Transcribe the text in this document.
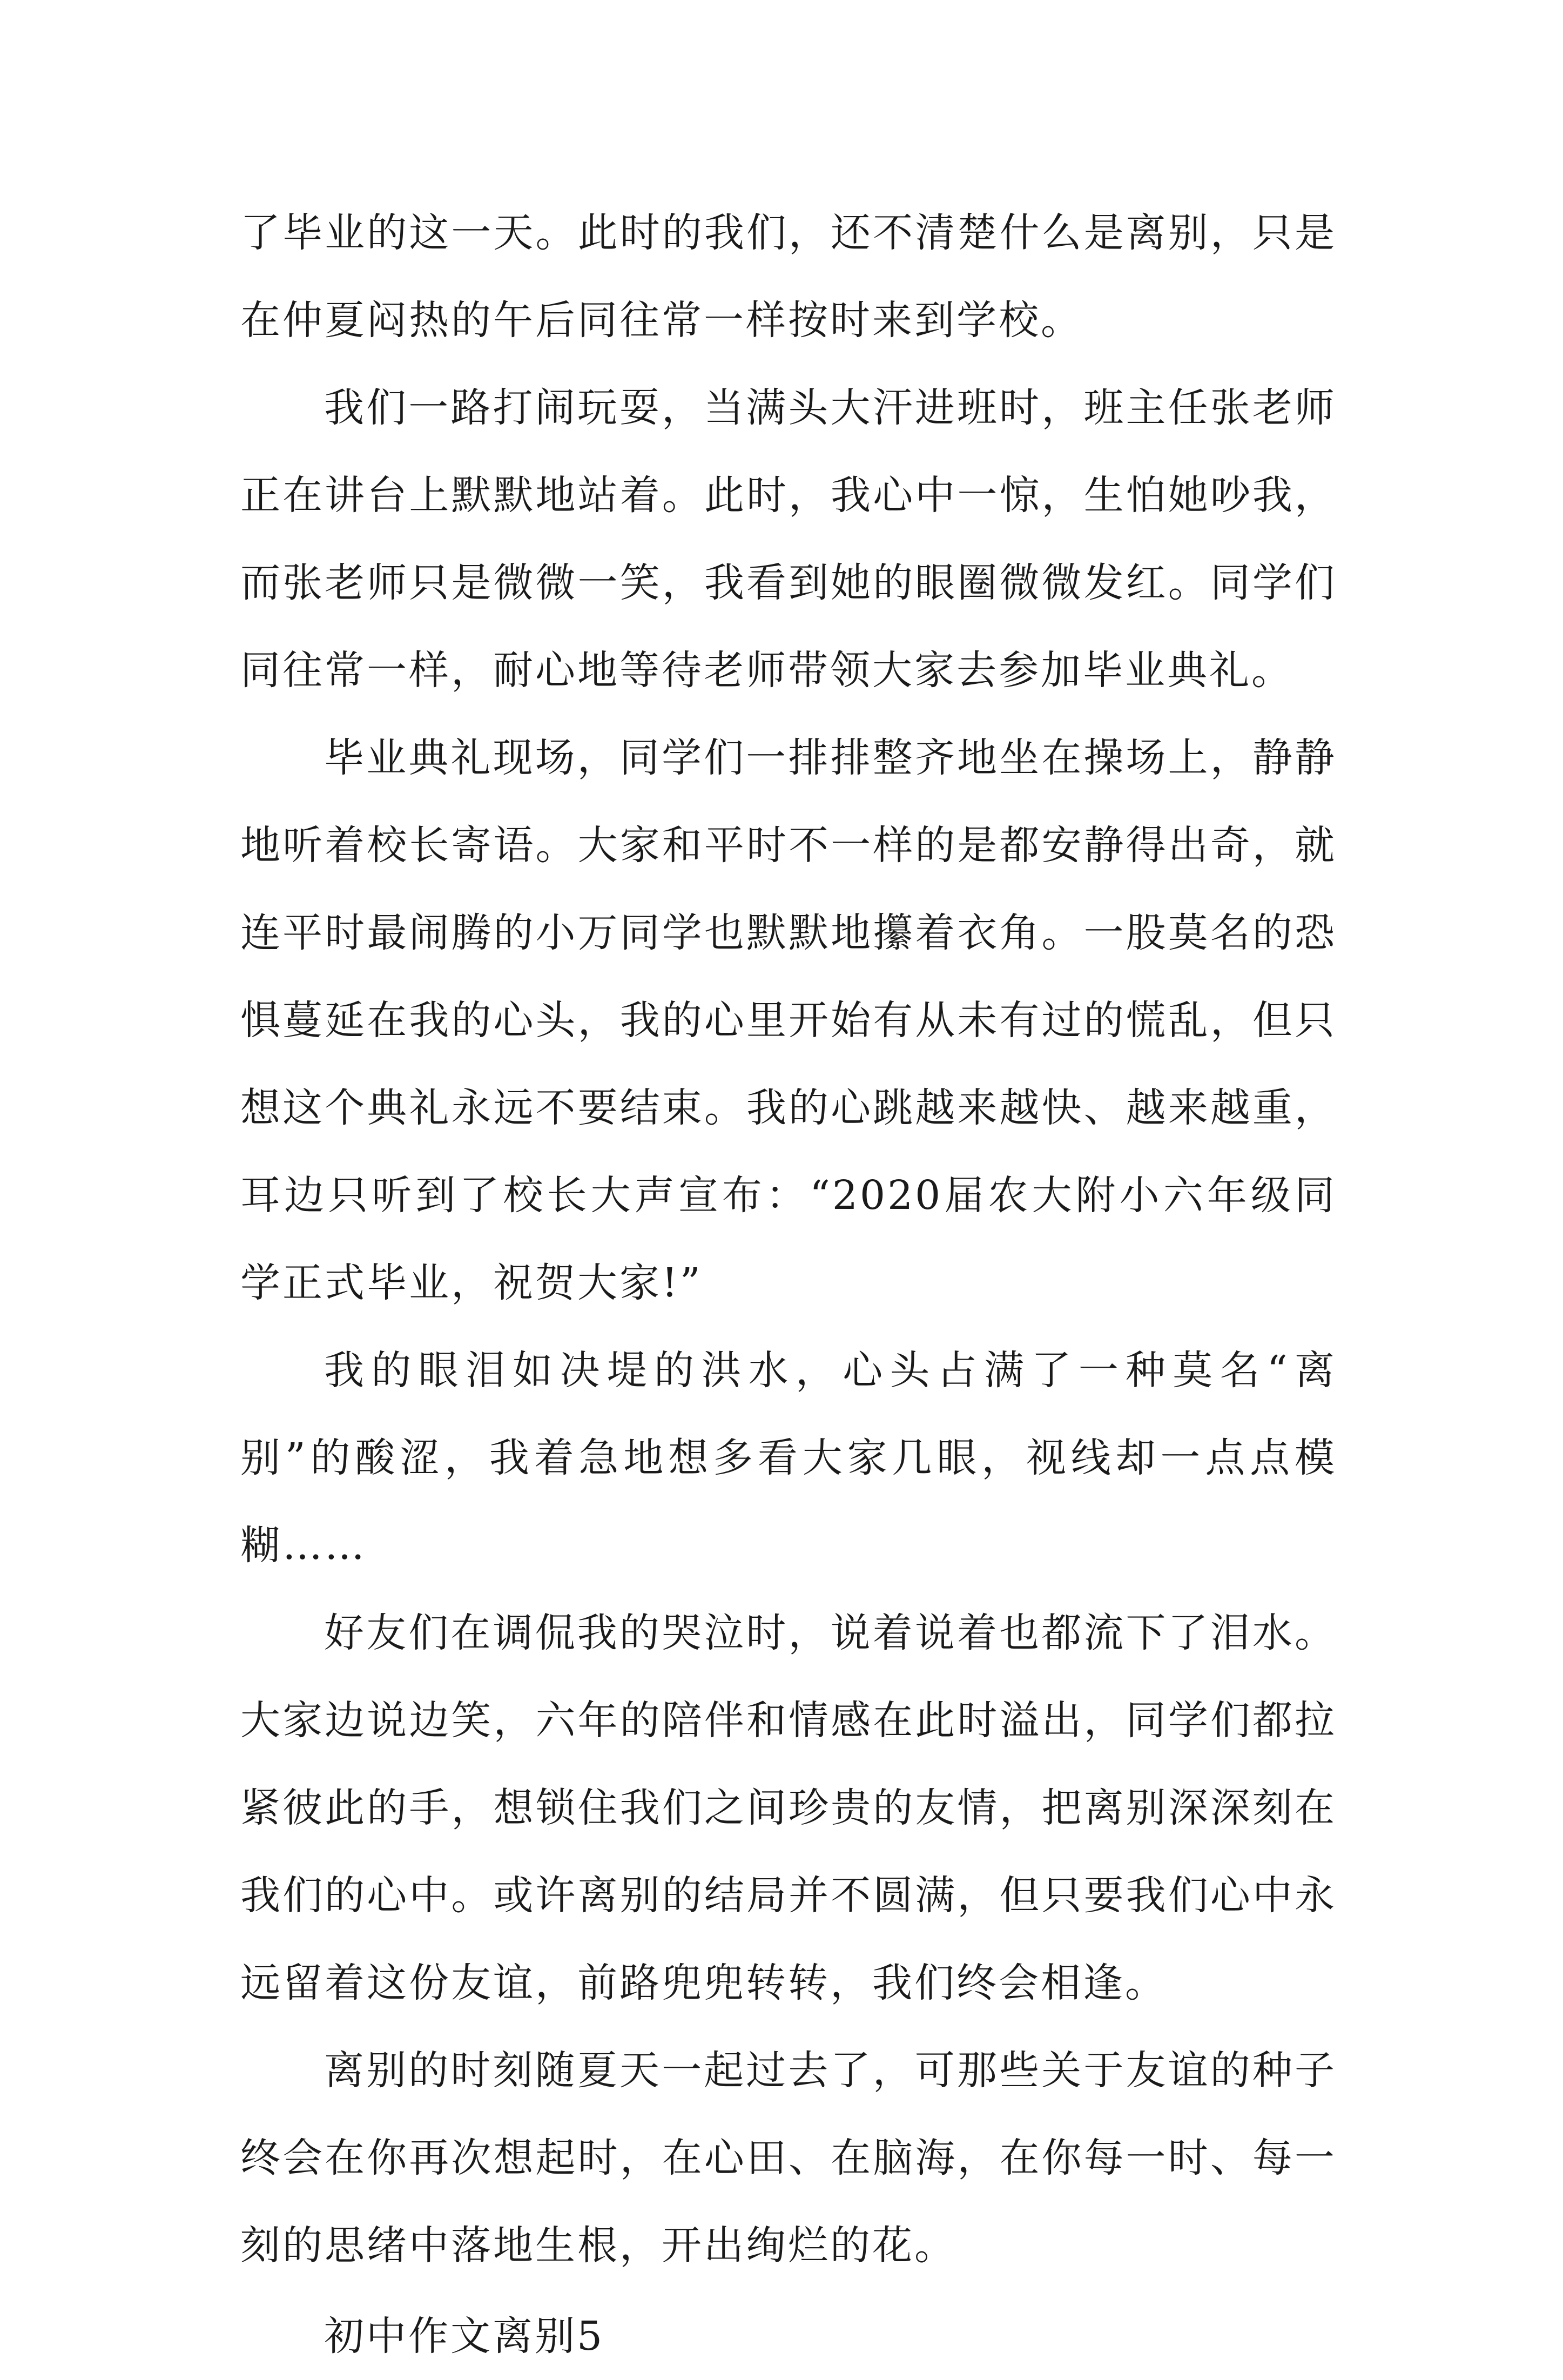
了毕业的这一天。此时的我们，还不清楚什么是离别，只是在仲夏闷热的午后同往常一样按时来到学校。

我们一路打闹玩耍，当满头大汗进班时，班主任张老师正在讲台上默默地站着。此时，我心中一惊，生怕她吵我，而张老师只是微微一笑，我看到她的眼圈微微发红。同学们同往常一样，耐心地等待老师带领大家去参加毕业典礼。

毕业典礼现场，同学们一排排整齐地坐在操场上，静静地听着校长寄语。大家和平时不一样的是都安静得出奇，就连平时最闹腾的小万同学也默默地攥着衣角。一股莫名的恐惧蔓延在我的心头，我的心里开始有从未有过的慌乱，但只想这个典礼永远不要结束。我的心跳越来越快、越来越重，耳边只听到了校长大声宣布：“2020届农大附小六年级同学正式毕业，祝贺大家!”

我的眼泪如决堤的洪水，心头占满了一种莫名“离别”的酸涩，我着急地想多看大家几眼，视线却一点点模糊……

好友们在调侃我的哭泣时，说着说着也都流下了泪水。大家边说边笑，六年的陪伴和情感在此时溢出，同学们都拉紧彼此的手，想锁住我们之间珍贵的友情，把离别深深刻在我们的心中。或许离别的结局并不圆满，但只要我们心中永远留着这份友谊，前路兜兜转转，我们终会相逢。

离别的时刻随夏天一起过去了，可那些关于友谊的种子终会在你再次想起时，在心田、在脑海，在你每一时、每一刻的思绪中落地生根，开出绚烂的花。

初中作文离别5
